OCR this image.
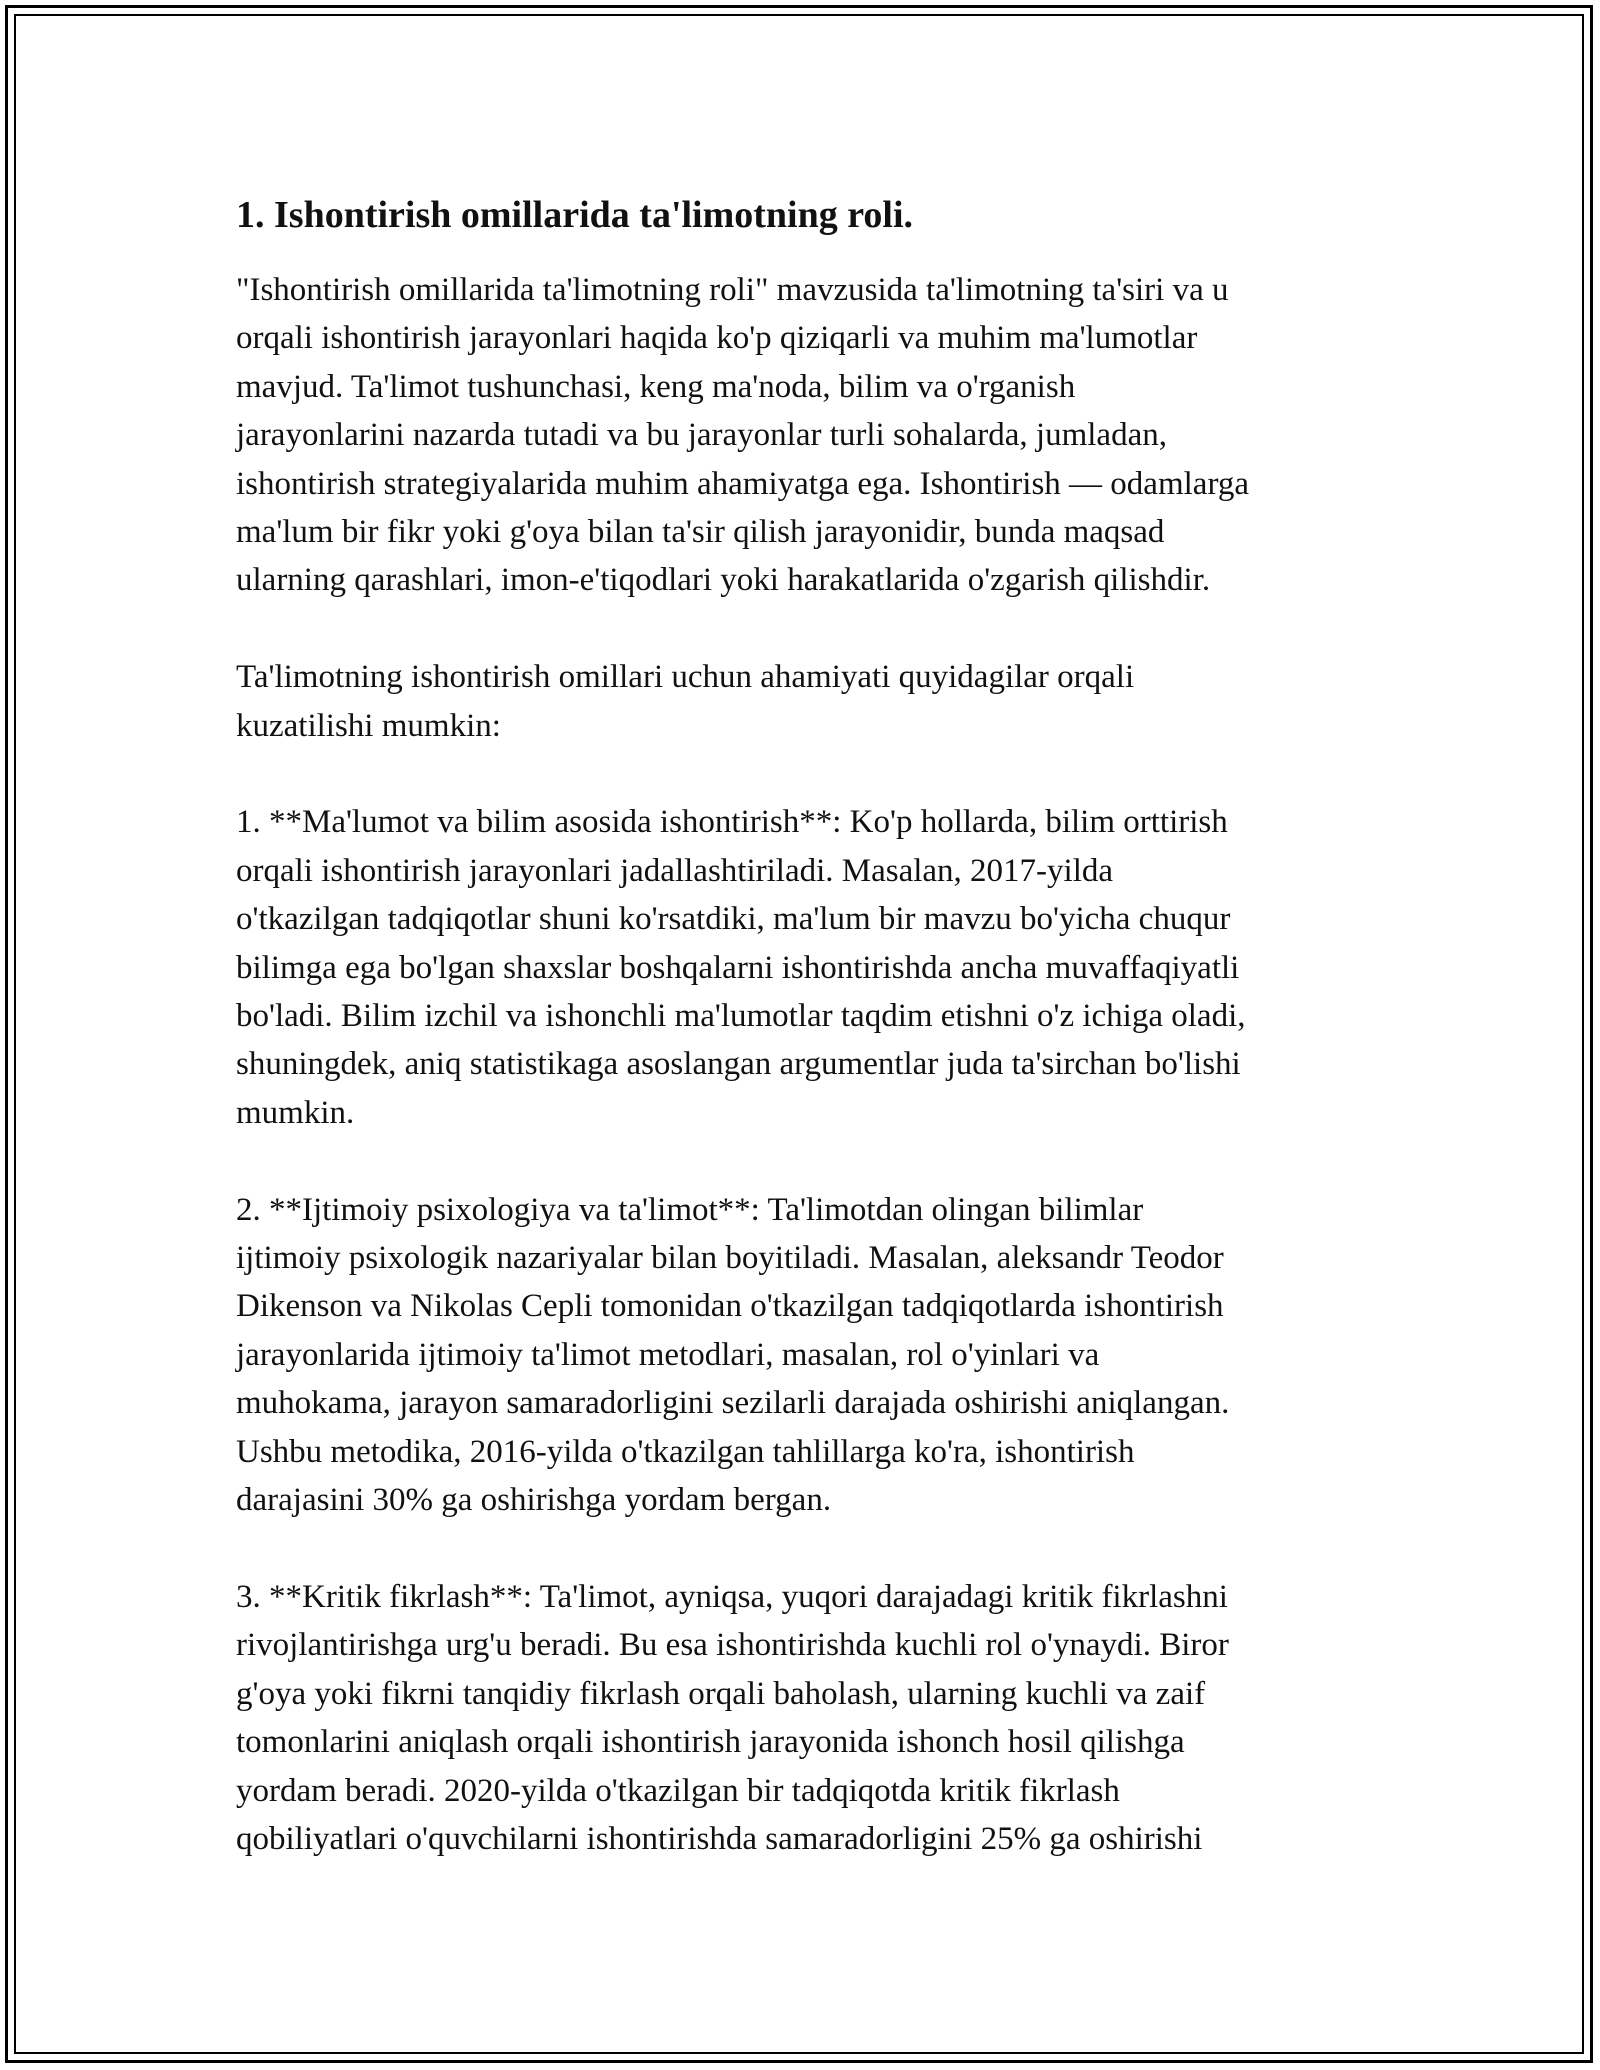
1. Ishontirish omillarida ta'limotning roli.

"Ishontirish omillarida ta'limotning roli" mavzusida ta'limotning ta'siri va u
orqali ishontirish jarayonlari haqida ko'p qiziqarli va muhim ma'lumotlar
mavjud. Ta'limot tushunchasi, keng ma'noda, bilim va o'rganish
jarayonlarini nazarda tutadi va bu jarayonlar turli sohalarda, jumladan,
ishontirish strategiyalarida muhim ahamiyatga ega. Ishontirish — odamlarga
ma'lum bir fikr yoki g'oya bilan ta'sir qilish jarayonidir, bunda maqsad
ularning qarashlari, imon-e'tiqodlari yoki harakatlarida o'zgarish qilishdir.

Ta'limotning ishontirish omillari uchun ahamiyati quyidagilar orqali
kuzatilishi mumkin:

1. **Ma'lumot va bilim asosida ishontirish**: Ko'p hollarda, bilim orttirish
orqali ishontirish jarayonlari jadallashtiriladi. Masalan, 2017-yilda
o'tkazilgan tadqiqotlar shuni ko'rsatdiki, ma'lum bir mavzu bo'yicha chuqur
bilimga ega bo'lgan shaxslar boshqalarni ishontirishda ancha muvaffaqiyatli
bo'ladi. Bilim izchil va ishonchli ma'lumotlar taqdim etishni o'z ichiga oladi,
shuningdek, aniq statistikaga asoslangan argumentlar juda ta'sirchan bo'lishi
mumkin.

2. **Ijtimoiy psixologiya va ta'limot**: Ta'limotdan olingan bilimlar
ijtimoiy psixologik nazariyalar bilan boyitiladi. Masalan, aleksandr Teodor
Dikenson va Nikolas Cepli tomonidan o'tkazilgan tadqiqotlarda ishontirish
jarayonlarida ijtimoiy ta'limot metodlari, masalan, rol o'yinlari va
muhokama, jarayon samaradorligini sezilarli darajada oshirishi aniqlangan.
Ushbu metodika, 2016-yilda o'tkazilgan tahlillarga ko'ra, ishontirish
darajasini 30% ga oshirishga yordam bergan.

3. **Kritik fikrlash**: Ta'limot, ayniqsa, yuqori darajadagi kritik fikrlashni
rivojlantirishga urg'u beradi. Bu esa ishontirishda kuchli rol o'ynaydi. Biror
g'oya yoki fikrni tanqidiy fikrlash orqali baholash, ularning kuchli va zaif
tomonlarini aniqlash orqali ishontirish jarayonida ishonch hosil qilishga
yordam beradi. 2020-yilda o'tkazilgan bir tadqiqotda kritik fikrlash
qobiliyatlari o'quvchilarni ishontirishda samaradorligini 25% ga oshirishi
